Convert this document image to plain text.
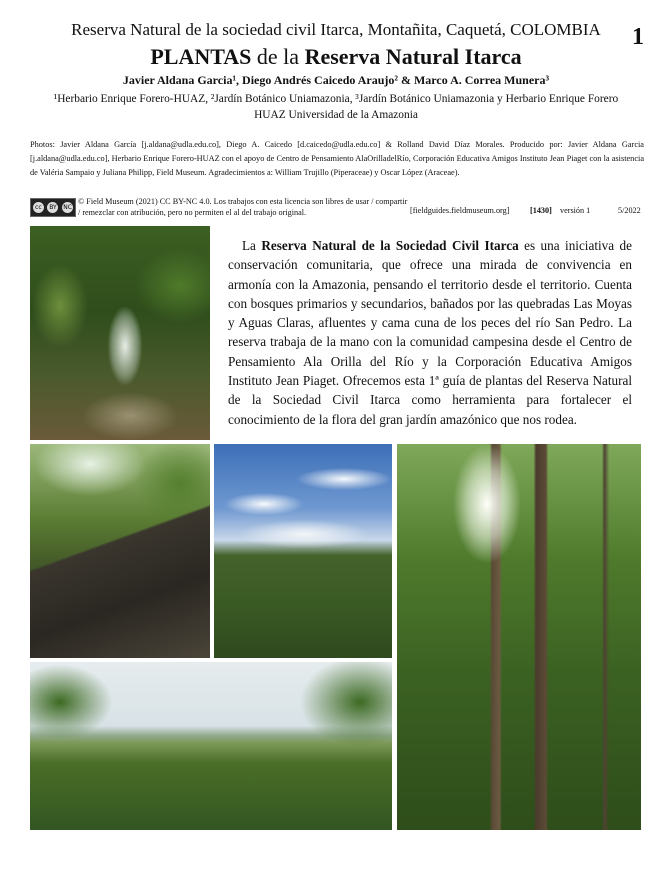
Reserva Natural de la sociedad civil Itarca, Montañita, Caquetá, COLOMBIA	1
PLANTAS de la Reserva Natural Itarca
Javier Aldana Garcia¹, Diego Andrés Caicedo Araujo² & Marco A. Correa Munera³
¹Herbario Enrique Forero-HUAZ, ²Jardín Botánico Uniamazonia, ³Jardín Botánico Uniamazonia y Herbario Enrique Forero
HUAZ Universidad de la Amazonia
Photos: Javier Aldana García [j.aldana@udla.edu.co], Diego A. Caicedo [d.caicedo@udla.edu.co] & Rolland David Díaz Morales. Producido por: Javier Aldana Garcia [j.aldana@udla.edu.co], Herbario Enrique Forero-HUAZ con el apoyo de Centro de Pensamiento AlaOrilladelRío, Corporación Educativa Amigos Instituto Jean Piaget con la asistencia de Valéria Sampaio y Juliana Philipp, Field Museum. Agradecimientos a: William Trujillo (Piperaceae) y Oscar López (Araceae).
cc	BY NC
© Field Museum (2021) CC BY-NC 4.0. Los trabajos con esta licencia son libres de usar / compartir / remezclar con atribución, pero no permiten el al del trabajo original.	[fieldguides.fieldmuseum.org]	[1430] versión 1	5/2022
La Reserva Natural de la Sociedad Civil Itarca es una iniciativa de conservación comunitaria, que ofrece una mirada de convivencia en armonía con la Amazonia, pensando el territorio desde el territorio. Cuenta con bosques primarios y secundarios, bañados por las quebradas Las Moyas y Aguas Claras, afluentes y cama cuna de los peces del río San Pedro. La reserva trabaja de la mano con la comunidad campesina desde el Centro de Pensamiento Ala Orilla del Río y la Corporación Educativa Amigos Instituto Jean Piaget. Ofrecemos esta 1ª guía de plantas del Reserva Natural de la Sociedad Civil Itarca como herramienta para fortalecer el conocimiento de la flora del gran jardín amazónico que nos rodea.
